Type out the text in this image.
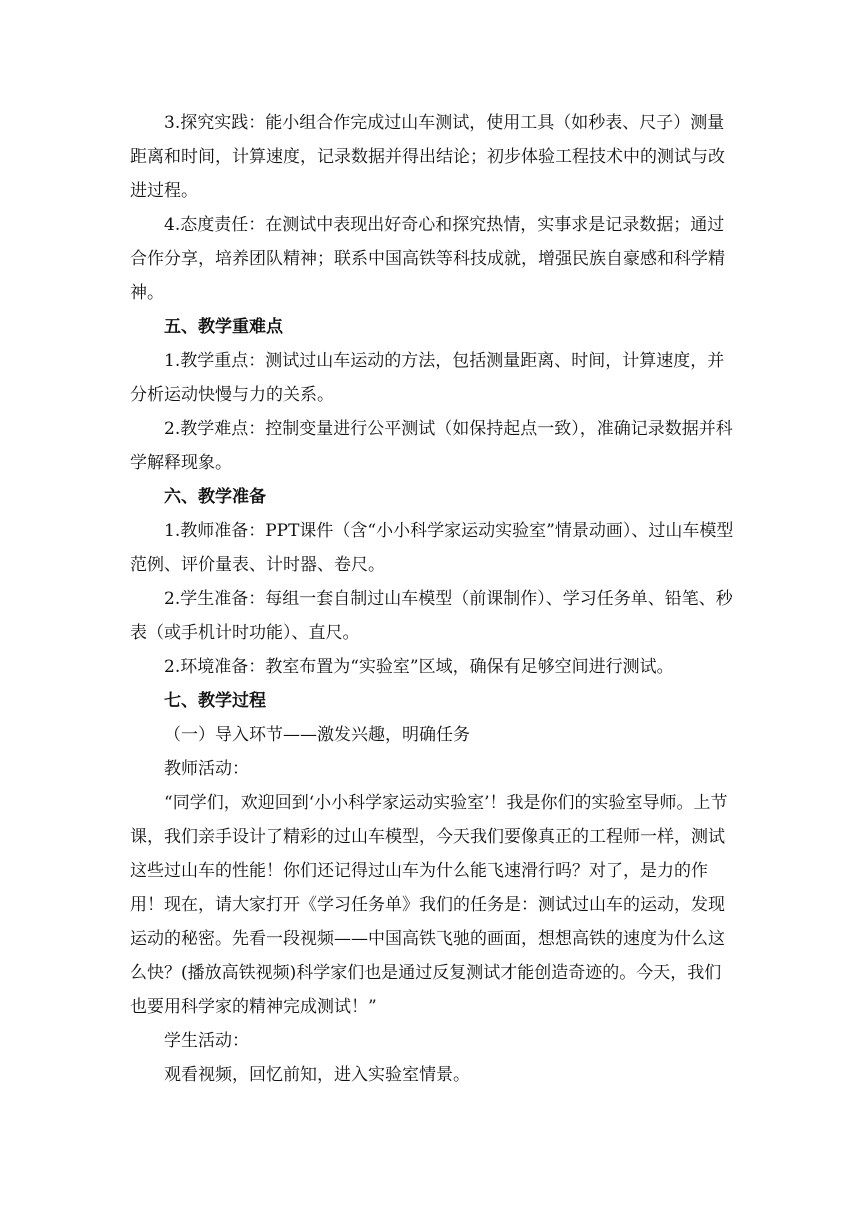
3.探究实践：能小组合作完成过山车测试，使用工具（如秒表、尺子）测量距离和时间，计算速度，记录数据并得出结论；初步体验工程技术中的测试与改进过程。

4.态度责任：在测试中表现出好奇心和探究热情，实事求是记录数据；通过合作分享，培养团队精神；联系中国高铁等科技成就，增强民族自豪感和科学精神。

五、教学重难点

1.教学重点：测试过山车运动的方法，包括测量距离、时间，计算速度，并分析运动快慢与力的关系。

2.教学难点：控制变量进行公平测试（如保持起点一致），准确记录数据并科学解释现象。

六、教学准备

1.教师准备：PPT课件（含“小小科学家运动实验室”情景动画）、过山车模型范例、评价量表、计时器、卷尺。

2.学生准备：每组一套自制过山车模型（前课制作）、学习任务单、铅笔、秒表（或手机计时功能）、直尺。

2.环境准备：教室布置为“实验室”区域，确保有足够空间进行测试。

七、教学过程

（一）导入环节——激发兴趣，明确任务

教师活动：

“同学们，欢迎回到‘小小科学家运动实验室’！我是你们的实验室导师。上节课，我们亲手设计了精彩的过山车模型，今天我们要像真正的工程师一样，测试这些过山车的性能！你们还记得过山车为什么能飞速滑行吗？对了，是力的作用！现在，请大家打开《学习任务单》我们的任务是：测试过山车的运动，发现运动的秘密。先看一段视频——中国高铁飞驰的画面，想想高铁的速度为什么这么快？(播放高铁视频)科学家们也是通过反复测试才能创造奇迹的。今天，我们也要用科学家的精神完成测试！”

学生活动：

观看视频，回忆前知，进入实验室情景。
